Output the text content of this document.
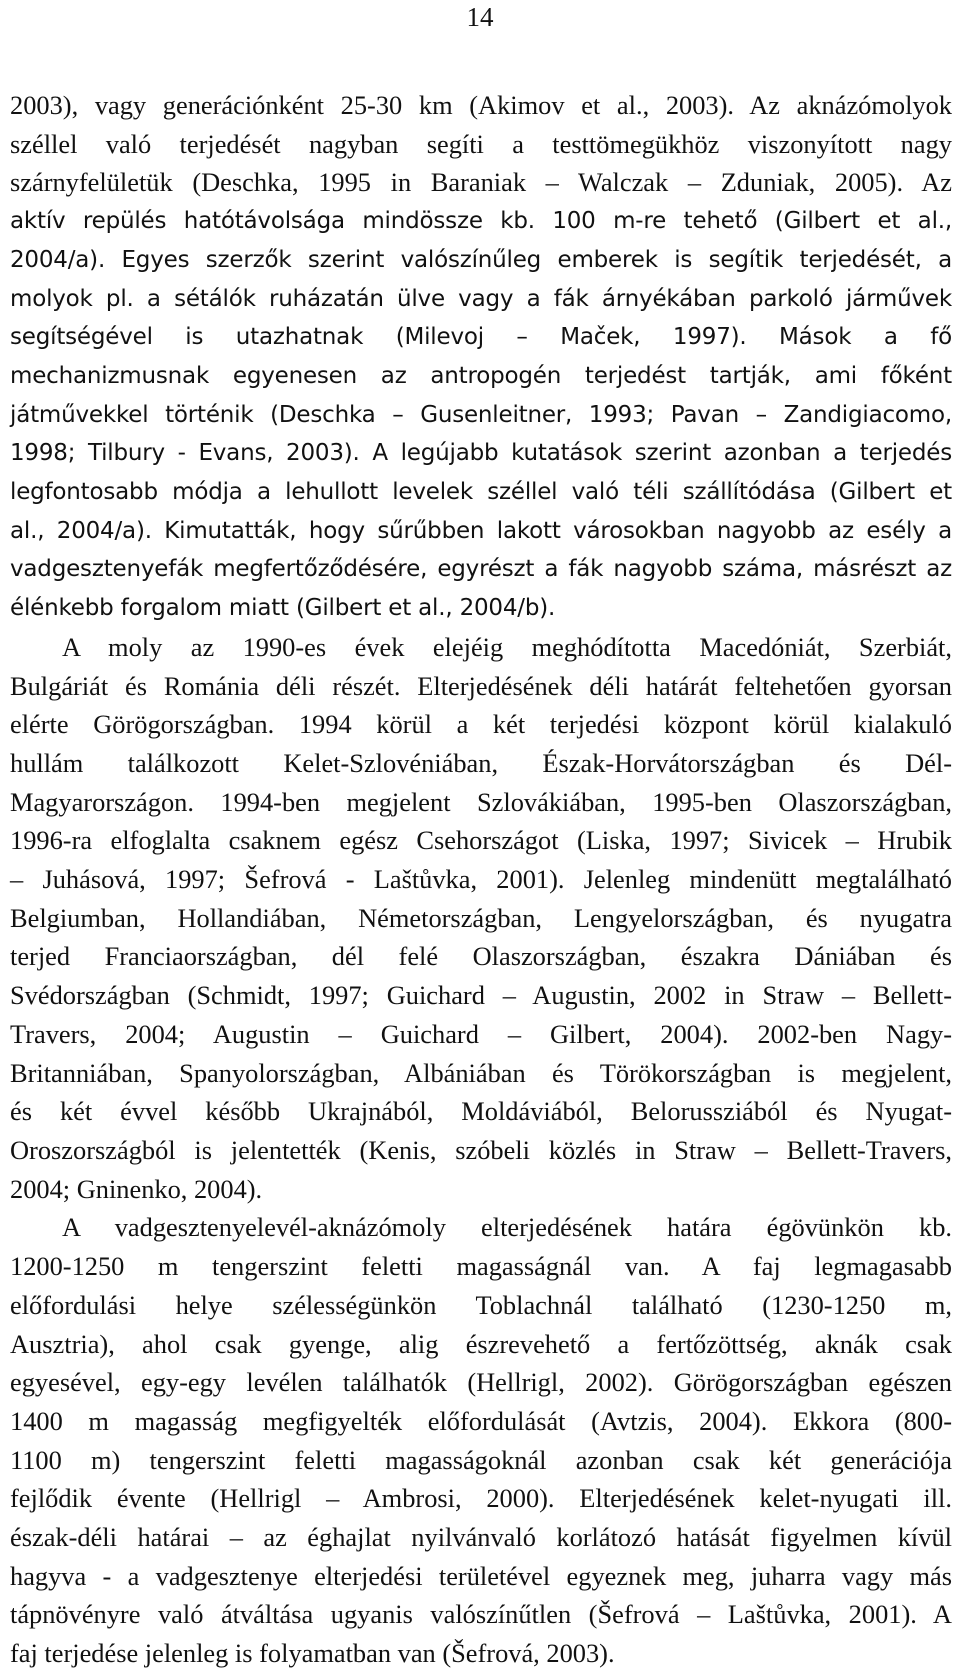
14
2003), vagy generációnként 25-30 km (Akimov et al., 2003). Az aknázómolyok
széllel való terjedését nagyban segíti a testtömegükhöz viszonyított nagy
szárnyfelületük (Deschka, 1995 in Baraniak – Walczak – Zduniak, 2005). Az
aktív repülés hatótávolsága mindössze kb. 100 m-re tehető (Gilbert et al.,
2004/a). Egyes szerzők szerint valószínűleg emberek is segítik terjedését, a
molyok pl. a sétálók ruházatán ülve vagy a fák árnyékában parkoló járművek
segítségével is utazhatnak (Milevoj – Maček, 1997). Mások a fő
mechanizmusnak egyenesen az antropogén terjedést tartják, ami főként
játművekkel történik (Deschka – Gusenleitner, 1993; Pavan – Zandigiacomo,
1998; Tilbury - Evans, 2003). A legújabb kutatások szerint azonban a terjedés
legfontosabb módja a lehullott levelek széllel való téli szállítódása (Gilbert et
al., 2004/a). Kimutatták, hogy sűrűbben lakott városokban nagyobb az esély a
vadgesztenyefák megfertőződésére, egyrészt a fák nagyobb száma, másrészt az
élénkebb forgalom miatt (Gilbert et al., 2004/b).
A moly az 1990-es évek elejéig meghódította Macedóniát, Szerbiát,
Bulgáriát és Románia déli részét. Elterjedésének déli határát feltehetően gyorsan
elérte Görögországban. 1994 körül a két terjedési központ körül kialakuló
hullám találkozott Kelet-Szlovéniában, Észak-Horvátországban és Dél-
Magyarországon. 1994-ben megjelent Szlovákiában, 1995-ben Olaszországban,
1996-ra elfoglalta csaknem egész Csehországot (Liska, 1997; Sivicek – Hrubik
– Juhásová, 1997; Šefrová - Laštůvka, 2001). Jelenleg mindenütt megtalálható
Belgiumban, Hollandiában, Németországban, Lengyelországban, és nyugatra
terjed Franciaországban, dél felé Olaszországban, északra Dániában és
Svédországban (Schmidt, 1997; Guichard – Augustin, 2002 in Straw – Bellett-
Travers, 2004; Augustin – Guichard – Gilbert, 2004). 2002-ben Nagy-
Britanniában, Spanyolországban, Albániában és Törökországban is megjelent,
és két évvel később Ukrajnából, Moldáviából, Belorussziából és Nyugat-
Oroszországból is jelentették (Kenis, szóbeli közlés in Straw – Bellett-Travers,
2004; Gninenko, 2004).
A vadgesztenyelevél-aknázómoly elterjedésének határa égövünkön kb.
1200-1250 m tengerszint feletti magasságnál van. A faj legmagasabb
előfordulási helye szélességünkön Toblachnál található (1230-1250 m,
Ausztria), ahol csak gyenge, alig észrevehető a fertőzöttség, aknák csak
egyesével, egy-egy levélen találhatók (Hellrigl, 2002). Görögországban egészen
1400 m magasság megfigyelték előfordulását (Avtzis, 2004). Ekkora (800-
1100 m) tengerszint feletti magasságoknál azonban csak két generációja
fejlődik évente (Hellrigl – Ambrosi, 2000). Elterjedésének kelet-nyugati ill.
észak-déli határai – az éghajlat nyilvánvaló korlátozó hatását figyelmen kívül
hagyva - a vadgesztenye elterjedési területével egyeznek meg, juharra vagy más
tápnövényre való átváltása ugyanis valószínűtlen (Šefrová – Laštůvka, 2001). A
faj terjedése jelenleg is folyamatban van (Šefrová, 2003).
